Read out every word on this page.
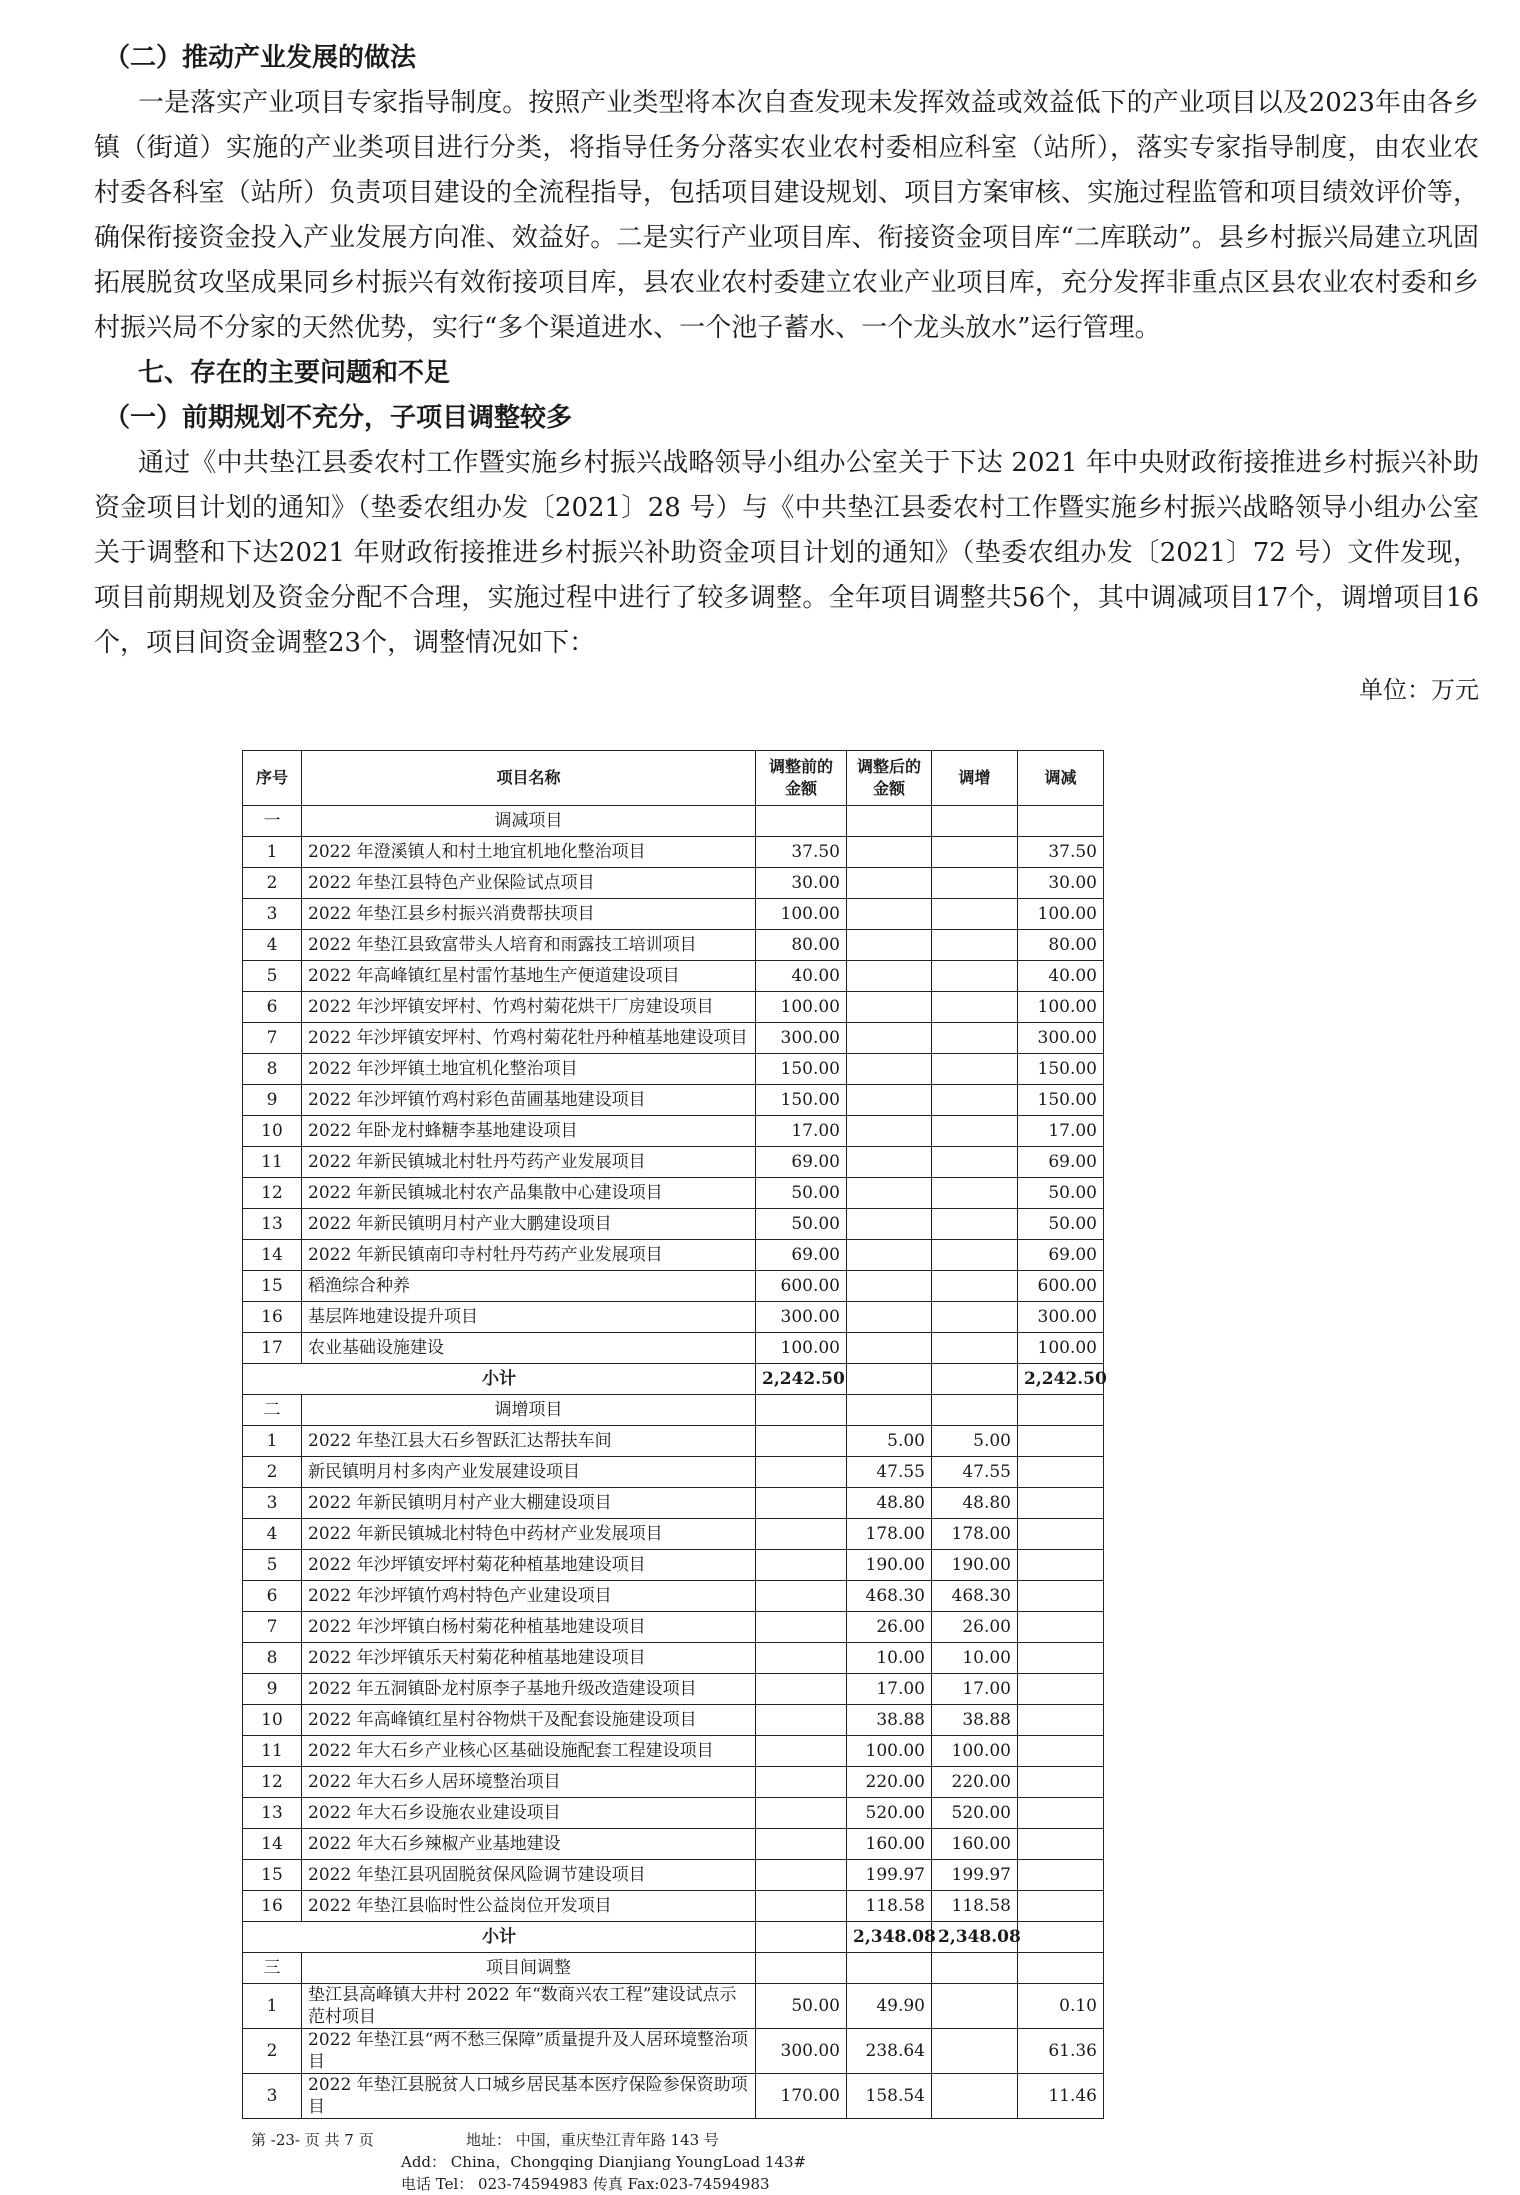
（二）推动产业发展的做法
一是落实产业项目专家指导制度。按照产业类型将本次自查发现未发挥效益或效益低下的产业项目以及2023年由各乡镇（街道）实施的产业类项目进行分类，将指导任务分落实农业农村委相应科室（站所），落实专家指导制度，由农业农村委各科室（站所）负责项目建设的全流程指导，包括项目建设规划、项目方案审核、实施过程监管和项目绩效评价等，确保衔接资金投入产业发展方向准、效益好。二是实行产业项目库、衔接资金项目库“二库联动”。县乡村振兴局建立巩固拓展脱贫攻坚成果同乡村振兴有效衔接项目库，县农业农村委建立农业产业项目库，充分发挥非重点区县农业农村委和乡村振兴局不分家的天然优势，实行“多个渠道进水、一个池子蓄水、一个龙头放水”运行管理。
七、存在的主要问题和不足
（一）前期规划不充分，子项目调整较多
通过《中共垫江县委农村工作暨实施乡村振兴战略领导小组办公室关于下达 2021 年中央财政衔接推进乡村振兴补助资金项目计划的通知》（垫委农组办发〔2021〕28 号）与《中共垫江县委农村工作暨实施乡村振兴战略领导小组办公室关于调整和下达2021 年财政衔接推进乡村振兴补助资金项目计划的通知》（垫委农组办发〔2021〕72 号）文件发现，项目前期规划及资金分配不合理，实施过程中进行了较多调整。全年项目调整共56个，其中调减项目17个，调增项目16个，项目间资金调整23个，调整情况如下：
单位：万元
序号	项目名称	调整前的金额	调整后的金额	调增	调减
一	调减项目				
1	2022 年澄溪镇人和村土地宜机地化整治项目	37.50			37.50
2	2022 年垫江县特色产业保险试点项目	30.00			30.00
3	2022 年垫江县乡村振兴消费帮扶项目	100.00			100.00
4	2022 年垫江县致富带头人培育和雨露技工培训项目	80.00			80.00
5	2022 年高峰镇红星村雷竹基地生产便道建设项目	40.00			40.00
6	2022 年沙坪镇安坪村、竹鸡村菊花烘干厂房建设项目	100.00			100.00
7	2022 年沙坪镇安坪村、竹鸡村菊花牡丹种植基地建设项目	300.00			300.00
8	2022 年沙坪镇土地宜机化整治项目	150.00			150.00
9	2022 年沙坪镇竹鸡村彩色苗圃基地建设项目	150.00			150.00
10	2022 年卧龙村蜂糖李基地建设项目	17.00			17.00
11	2022 年新民镇城北村牡丹芍药产业发展项目	69.00			69.00
12	2022 年新民镇城北村农产品集散中心建设项目	50.00			50.00
13	2022 年新民镇明月村产业大鹏建设项目	50.00			50.00
14	2022 年新民镇南印寺村牡丹芍药产业发展项目	69.00			69.00
15	稻渔综合种养	600.00			600.00
16	基层阵地建设提升项目	300.00			300.00
17	农业基础设施建设	100.00			100.00
小计		2,242.50			2,242.50
二	调增项目				
1	2022 年垫江县大石乡智跃汇达帮扶车间		5.00	5.00	
2	新民镇明月村多肉产业发展建设项目		47.55	47.55	
3	2022 年新民镇明月村产业大棚建设项目		48.80	48.80	
4	2022 年新民镇城北村特色中药材产业发展项目		178.00	178.00	
5	2022 年沙坪镇安坪村菊花种植基地建设项目		190.00	190.00	
6	2022 年沙坪镇竹鸡村特色产业建设项目		468.30	468.30	
7	2022 年沙坪镇白杨村菊花种植基地建设项目		26.00	26.00	
8	2022 年沙坪镇乐天村菊花种植基地建设项目		10.00	10.00	
9	2022 年五洞镇卧龙村原李子基地升级改造建设项目		17.00	17.00	
10	2022 年高峰镇红星村谷物烘干及配套设施建设项目		38.88	38.88	
11	2022 年大石乡产业核心区基础设施配套工程建设项目		100.00	100.00	
12	2022 年大石乡人居环境整治项目		220.00	220.00	
13	2022 年大石乡设施农业建设项目		520.00	520.00	
14	2022 年大石乡辣椒产业基地建设		160.00	160.00	
15	2022 年垫江县巩固脱贫保风险调节建设项目		199.97	199.97	
16	2022 年垫江县临时性公益岗位开发项目		118.58	118.58	
小计			2,348.08	2,348.08	
三	项目间调整				
1	垫江县高峰镇大井村 2022 年“数商兴农工程”建设试点示范村项目	50.00	49.90		0.10
2	2022 年垫江县“两不愁三保障”质量提升及人居环境整治项目	300.00	238.64		61.36
3	2022 年垫江县脱贫人口城乡居民基本医疗保险参保资助项目	170.00	158.54		11.46
第 -23- 页 共 7 页	地址： 中国，重庆垫江青年路 143 号
Add： China，Chongqing Dianjiang YoungLoad 143#
电话 Tel： 023-74594983 传真 Fax:023-74594983
